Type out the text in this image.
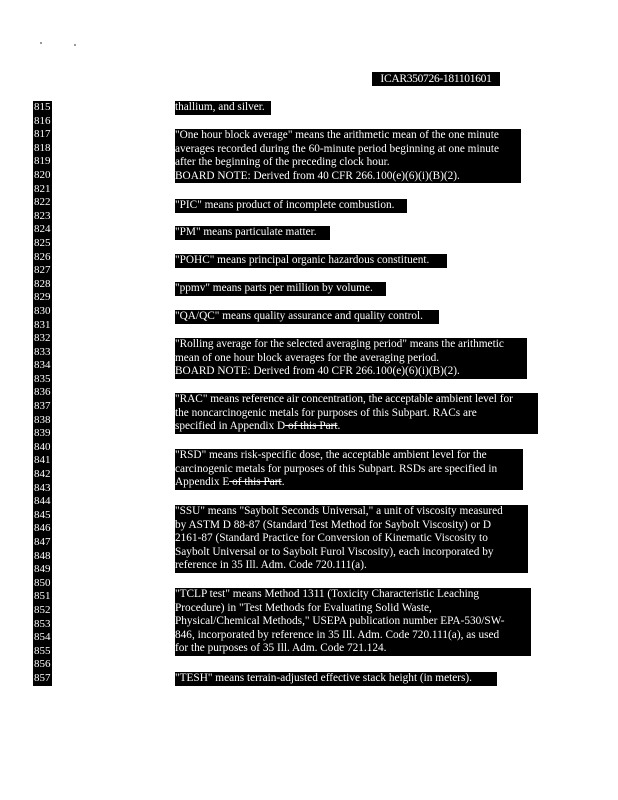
ICAR350726-181101601
815
816
817
818
819
820
821
822
823
824
825
826
827
828
829
830
831
832
833
834
835
836
837
838
839
840
841
842
843
844
845
846
847
848
849
850
851
852
853
854
855
856
857
thallium, and silver.
"One hour block average" means the arithmetic mean of the one minute
averages recorded during the 60-minute period beginning at one minute
after the beginning of the preceding clock hour.
BOARD NOTE: Derived from 40 CFR 266.100(e)(6)(i)(B)(2).
"PIC" means product of incomplete combustion.
"PM" means particulate matter.
"POHC" means principal organic hazardous constituent.
"ppmv" means parts per million by volume.
"QA/QC" means quality assurance and quality control.
"Rolling average for the selected averaging period" means the arithmetic
mean of one hour block averages for the averaging period.
BOARD NOTE: Derived from 40 CFR 266.100(e)(6)(i)(B)(2).
"RAC" means reference air concentration, the acceptable ambient level for
the noncarcinogenic metals for purposes of this Subpart. RACs are
specified in Appendix D of this Part.
"RSD" means risk-specific dose, the acceptable ambient level for the
carcinogenic metals for purposes of this Subpart. RSDs are specified in
Appendix E of this Part.
"SSU" means "Saybolt Seconds Universal," a unit of viscosity measured
by ASTM D 88-87 (Standard Test Method for Saybolt Viscosity) or D
2161-87 (Standard Practice for Conversion of Kinematic Viscosity to
Saybolt Universal or to Saybolt Furol Viscosity), each incorporated by
reference in 35 Ill. Adm. Code 720.111(a).
"TCLP test" means Method 1311 (Toxicity Characteristic Leaching
Procedure) in "Test Methods for Evaluating Solid Waste,
Physical/Chemical Methods," USEPA publication number EPA-530/SW-
846, incorporated by reference in 35 Ill. Adm. Code 720.111(a), as used
for the purposes of 35 Ill. Adm. Code 721.124.
"TESH" means terrain-adjusted effective stack height (in meters).
